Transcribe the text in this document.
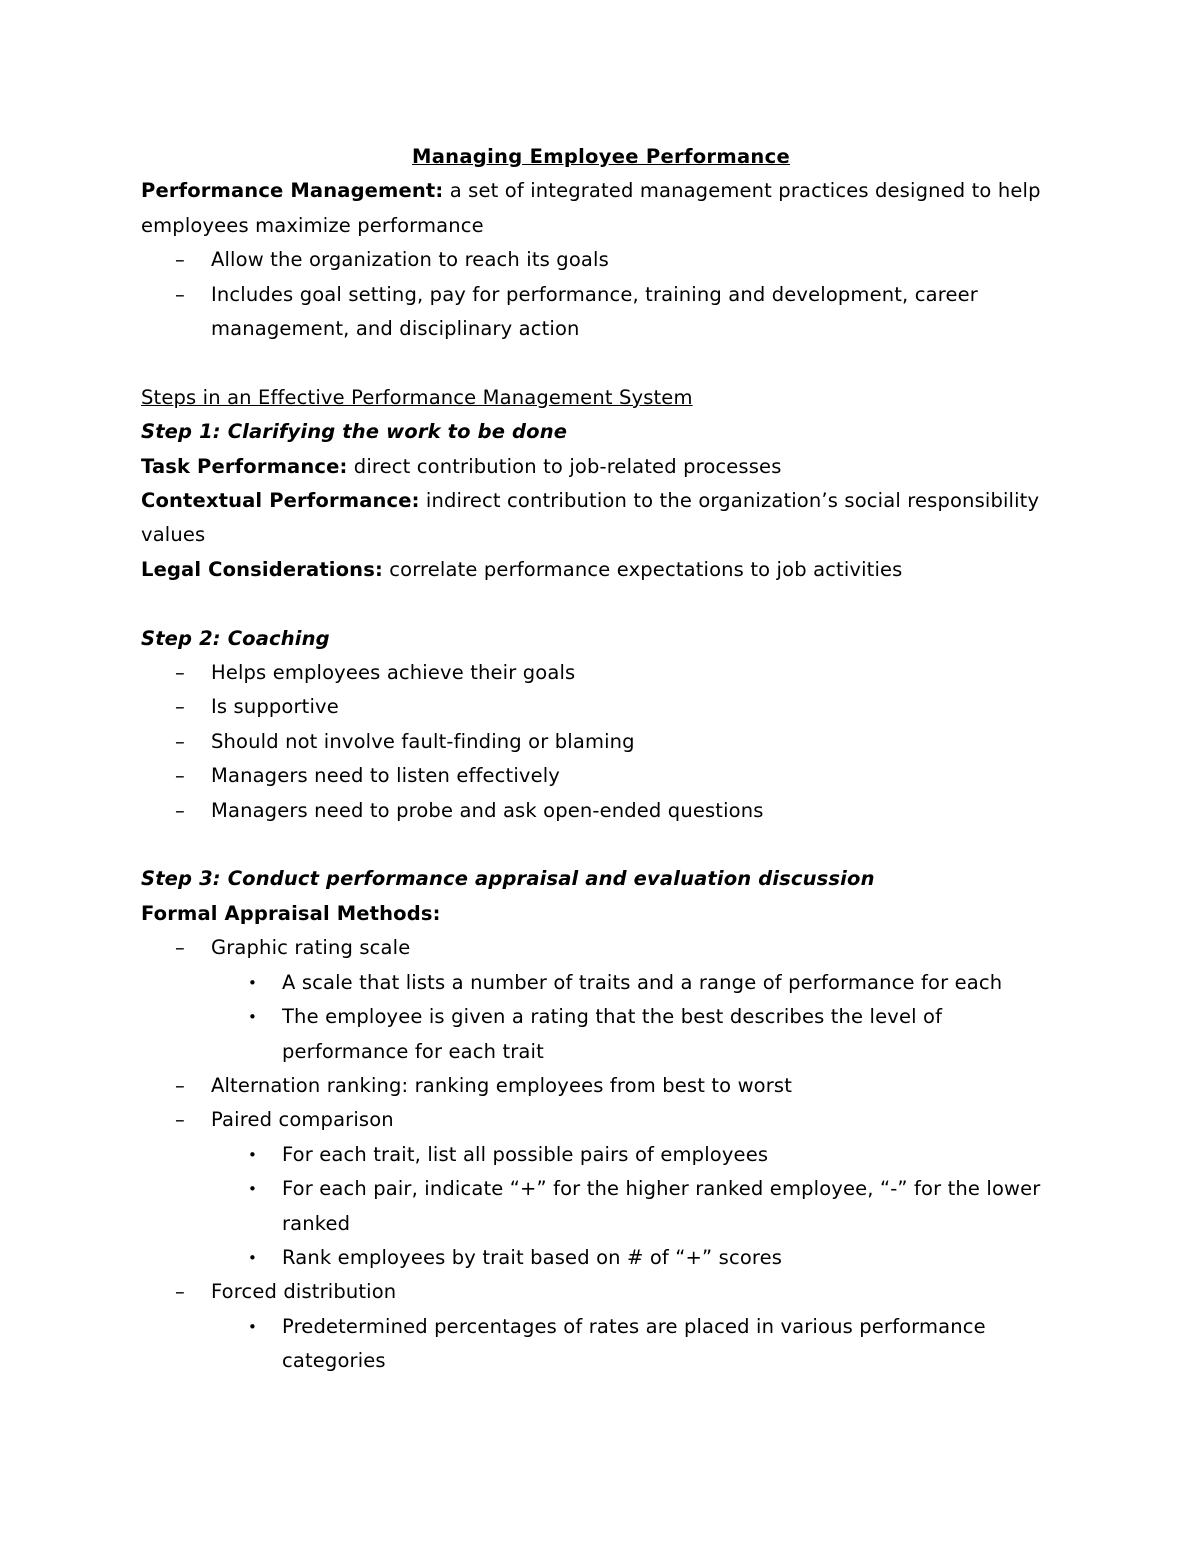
Managing Employee Performance
Performance Management: a set of integrated management practices designed to help
employees maximize performance
– Allow the organization to reach its goals
– Includes goal setting, pay for performance, training and development, career
management, and disciplinary action
Steps in an Effective Performance Management System
Step 1: Clarifying the work to be done
Task Performance: direct contribution to job-related processes
Contextual Performance: indirect contribution to the organization’s social responsibility
values
Legal Considerations: correlate performance expectations to job activities
Step 2: Coaching
– Helps employees achieve their goals
– Is supportive
– Should not involve fault-finding or blaming
– Managers need to listen effectively
– Managers need to probe and ask open-ended questions
Step 3: Conduct performance appraisal and evaluation discussion
Formal Appraisal Methods:
– Graphic rating scale
• A scale that lists a number of traits and a range of performance for each
• The employee is given a rating that the best describes the level of
performance for each trait
– Alternation ranking: ranking employees from best to worst
– Paired comparison
• For each trait, list all possible pairs of employees
• For each pair, indicate “+” for the higher ranked employee, “-” for the lower
ranked
• Rank employees by trait based on # of “+” scores
– Forced distribution
• Predetermined percentages of rates are placed in various performance
categories
